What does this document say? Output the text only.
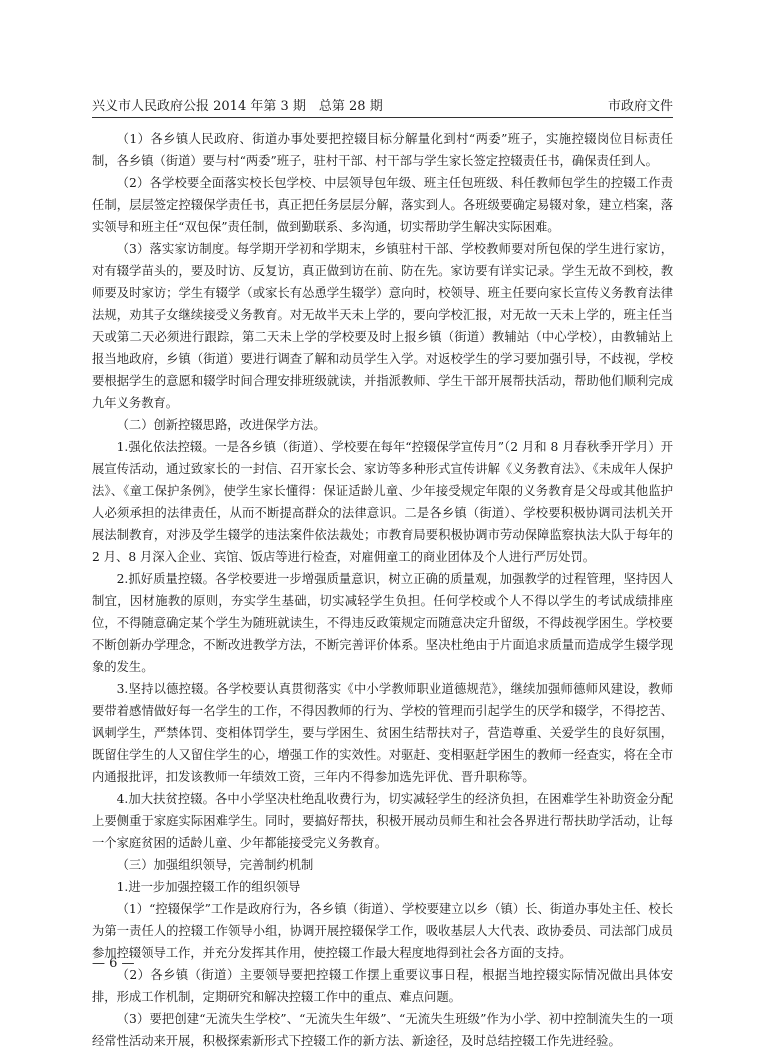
兴义市人民政府公报 2014 年第 3 期　总第 28 期	市政府文件

（1）各乡镇人民政府、街道办事处要把控辍目标分解量化到村“两委”班子，实施控辍岗位目标责任制，各乡镇（街道）要与村“两委”班子，驻村干部、村干部与学生家长签定控辍责任书，确保责任到人。

（2）各学校要全面落实校长包学校、中层领导包年级、班主任包班级、科任教师包学生的控辍工作责任制，层层签定控辍保学责任书，真正把任务层层分解，落实到人。各班级要确定易辍对象，建立档案，落实领导和班主任“双包保”责任制，做到勤联系、多沟通，切实帮助学生解决实际困难。

（3）落实家访制度。每学期开学初和学期末，乡镇驻村干部、学校教师要对所包保的学生进行家访，对有辍学苗头的，要及时访、反复访，真正做到访在前、防在先。家访要有详实记录。学生无故不到校，教师要及时家访；学生有辍学（或家长有怂恿学生辍学）意向时，校领导、班主任要向家长宣传义务教育法律法规，劝其子女继续接受义务教育。对无故半天未上学的，要向学校汇报，对无故一天未上学的，班主任当天或第二天必须进行跟踪，第二天未上学的学校要及时上报乡镇（街道）教辅站（中心学校），由教辅站上报当地政府，乡镇（街道）要进行调查了解和动员学生入学。对返校学生的学习要加强引导，不歧视，学校要根据学生的意愿和辍学时间合理安排班级就读，并指派教师、学生干部开展帮扶活动，帮助他们顺利完成九年义务教育。

（二）创新控辍思路，改进保学方法。

1.强化依法控辍。一是各乡镇（街道）、学校要在每年“控辍保学宣传月”（2 月和 8 月春秋季开学月）开展宣传活动，通过致家长的一封信、召开家长会、家访等多种形式宣传讲解《义务教育法》、《未成年人保护法》、《童工保护条例》，使学生家长懂得：保证适龄儿童、少年接受规定年限的义务教育是父母或其他监护人必须承担的法律责任，从而不断提高群众的法律意识。二是各乡镇（街道）、学校要积极协调司法机关开展法制教育，对涉及学生辍学的违法案件依法裁处；市教育局要积极协调市劳动保障监察执法大队于每年的 2 月、8 月深入企业、宾馆、饭店等进行检查，对雇佣童工的商业团体及个人进行严厉处罚。

2.抓好质量控辍。各学校要进一步增强质量意识，树立正确的质量观，加强教学的过程管理，坚持因人制宜，因材施教的原则，夯实学生基础，切实减轻学生负担。任何学校或个人不得以学生的考试成绩排座位，不得随意确定某个学生为随班就读生，不得违反政策规定而随意决定升留级，不得歧视学困生。学校要不断创新办学理念，不断改进教学方法，不断完善评价体系。坚决杜绝由于片面追求质量而造成学生辍学现象的发生。

3.坚持以德控辍。各学校要认真贯彻落实《中小学教师职业道德规范》，继续加强师德师风建设，教师要带着感情做好每一名学生的工作，不得因教师的行为、学校的管理而引起学生的厌学和辍学，不得挖苦、讽刺学生，严禁体罚、变相体罚学生，要与学困生、贫困生结帮扶对子，营造尊重、关爱学生的良好氛围，既留住学生的人又留住学生的心，增强工作的实效性。对驱赶、变相驱赶学困生的教师一经查实，将在全市内通报批评，扣发该教师一年绩效工资，三年内不得参加选先评优、晋升职称等。

4.加大扶贫控辍。各中小学坚决杜绝乱收费行为，切实减轻学生的经济负担，在困难学生补助资金分配上要侧重于家庭实际困难学生。同时，要搞好帮扶，积极开展动员师生和社会各界进行帮扶助学活动，让每一个家庭贫困的适龄儿童、少年都能接受完义务教育。

（三）加强组织领导，完善制约机制

1.进一步加强控辍工作的组织领导

（1）“控辍保学”工作是政府行为，各乡镇（街道）、学校要建立以乡（镇）长、街道办事处主任、校长为第一责任人的控辍工作领导小组，协调开展控辍保学工作，吸收基层人大代表、政协委员、司法部门成员参加控辍领导工作，并充分发挥其作用，使控辍工作最大程度地得到社会各方面的支持。

（2）各乡镇（街道）主要领导要把控辍工作摆上重要议事日程，根据当地控辍实际情况做出具体安排，形成工作机制，定期研究和解决控辍工作中的重点、难点问题。

（3）要把创建“无流失生学校”、“无流失生年级”、“无流失生班级”作为小学、初中控制流失生的一项经常性活动来开展，积极探索新形式下控辍工作的新方法、新途径，及时总结控辍工作先进经验。

— 6 —
